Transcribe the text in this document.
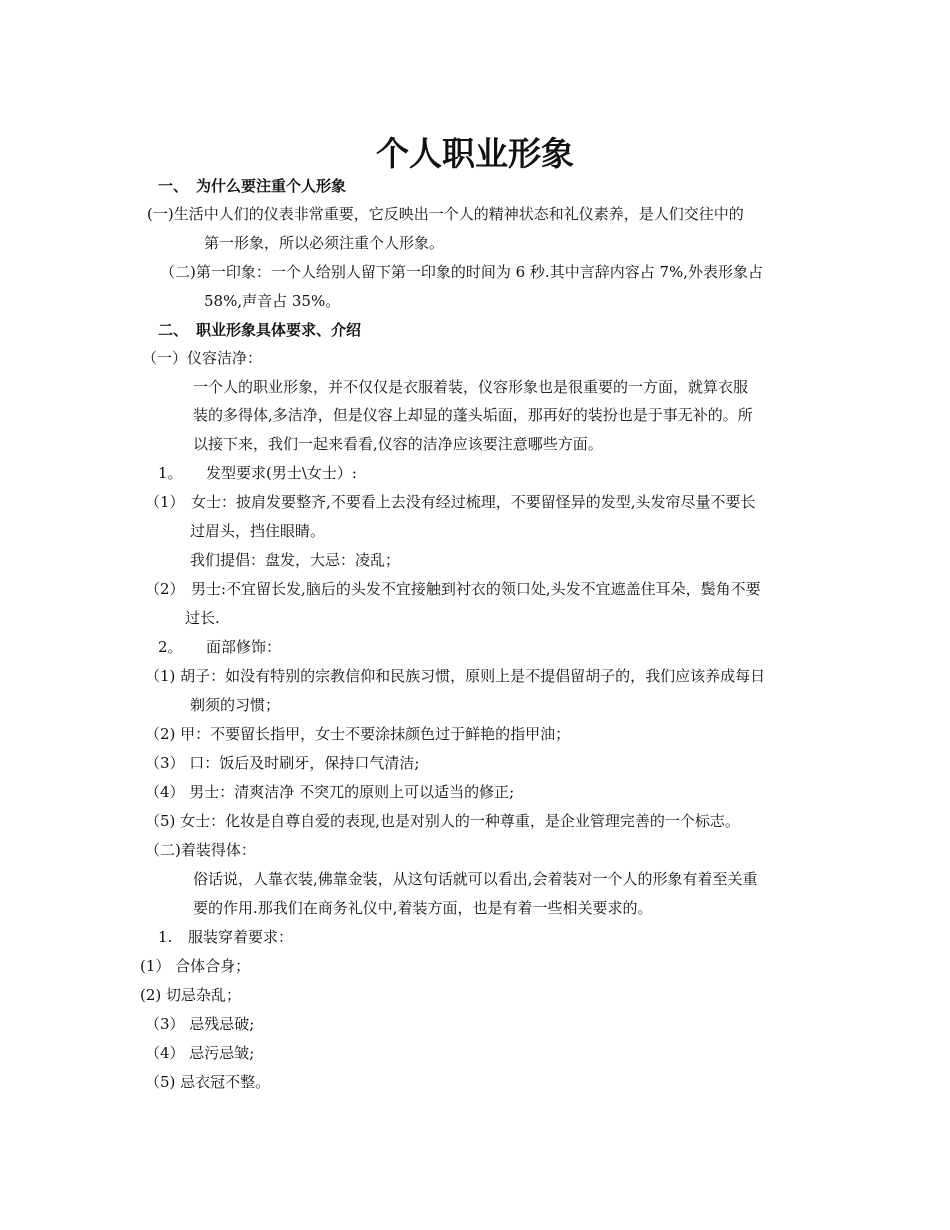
个人职业形象
一、 为什么要注重个人形象
(一)生活中人们的仪表非常重要，它反映出一个人的精神状态和礼仪素养，是人们交往中的
第一形象，所以必须注重个人形象。
（二)第一印象：一个人给别人留下第一印象的时间为 6 秒.其中言辞内容占 7%,外表形象占
58%,声音占 35%。
二、 职业形象具体要求、介绍
（一）仪容洁净：
一个人的职业形象，并不仅仅是衣服着装，仪容形象也是很重要的一方面，就算衣服
装的多得体,多洁净，但是仪容上却显的蓬头垢面，那再好的装扮也是于事无补的。所
以接下来，我们一起来看看,仪容的洁净应该要注意哪些方面。
1。 发型要求(男士\女士）:
（1） 女士：披肩发要整齐,不要看上去没有经过梳理，不要留怪异的发型,头发帘尽量不要长
过眉头，挡住眼睛。
我们提倡：盘发，大忌：凌乱；
（2） 男士:不宜留长发,脑后的头发不宜接触到衬衣的领口处,头发不宜遮盖住耳朵，鬓角不要
过长.
2。 面部修饰：
（1) 胡子：如没有特别的宗教信仰和民族习惯，原则上是不提倡留胡子的，我们应该养成每日
剃须的习惯；
（2) 甲：不要留长指甲，女士不要涂抹颜色过于鲜艳的指甲油；
（3） 口：饭后及时刷牙，保持口气清洁;
（4） 男士：清爽洁净 不突兀的原则上可以适当的修正;
（5) 女士：化妆是自尊自爱的表现,也是对别人的一种尊重，是企业管理完善的一个标志。
（二)着装得体：
俗话说，人靠衣装,佛靠金装，从这句话就可以看出,会着装对一个人的形象有着至关重
要的作用.那我们在商务礼仪中,着装方面，也是有着一些相关要求的。
1. 服装穿着要求：
(1） 合体合身；
(2) 切忌杂乱；
（3） 忌残忌破;
（4） 忌污忌皱;
（5) 忌衣冠不整。
